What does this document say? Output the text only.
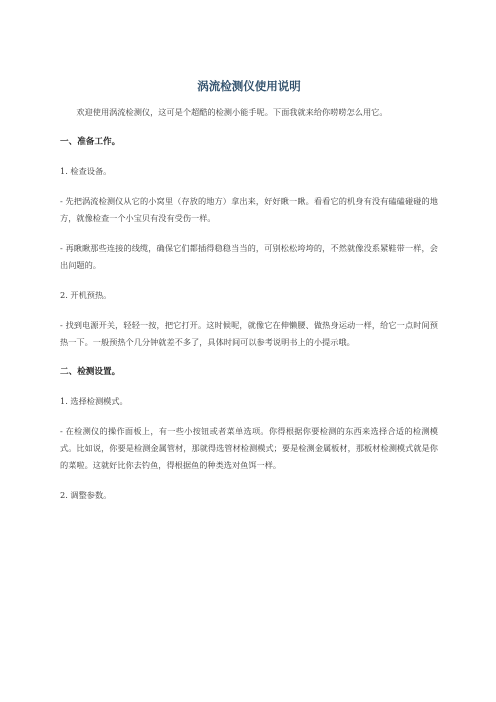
涡流检测仪使用说明

欢迎使用涡流检测仪，这可是个超酷的检测小能手呢。下面我就来给你唠唠怎么用它。

一、准备工作。

1. 检查设备。

- 先把涡流检测仪从它的小窝里（存放的地方）拿出来，好好瞅一瞅。看看它的机身有没有磕磕碰碰的地方，就像检查一个小宝贝有没有受伤一样。

- 再瞅瞅那些连接的线缆，确保它们都插得稳稳当当的，可别松松垮垮的，不然就像没系紧鞋带一样，会出问题的。

2. 开机预热。

- 找到电源开关，轻轻一按，把它打开。这时候呢，就像它在伸懒腰、做热身运动一样，给它一点时间预热一下。一般预热个几分钟就差不多了，具体时间可以参考说明书上的小提示哦。

二、检测设置。

1. 选择检测模式。

- 在检测仪的操作面板上，有一些小按钮或者菜单选项。你得根据你要检测的东西来选择合适的检测模式。比如说，你要是检测金属管材，那就得选管材检测模式；要是检测金属板材，那板材检测模式就是你的菜啦。这就好比你去钓鱼，得根据鱼的种类选对鱼饵一样。

2. 调整参数。
